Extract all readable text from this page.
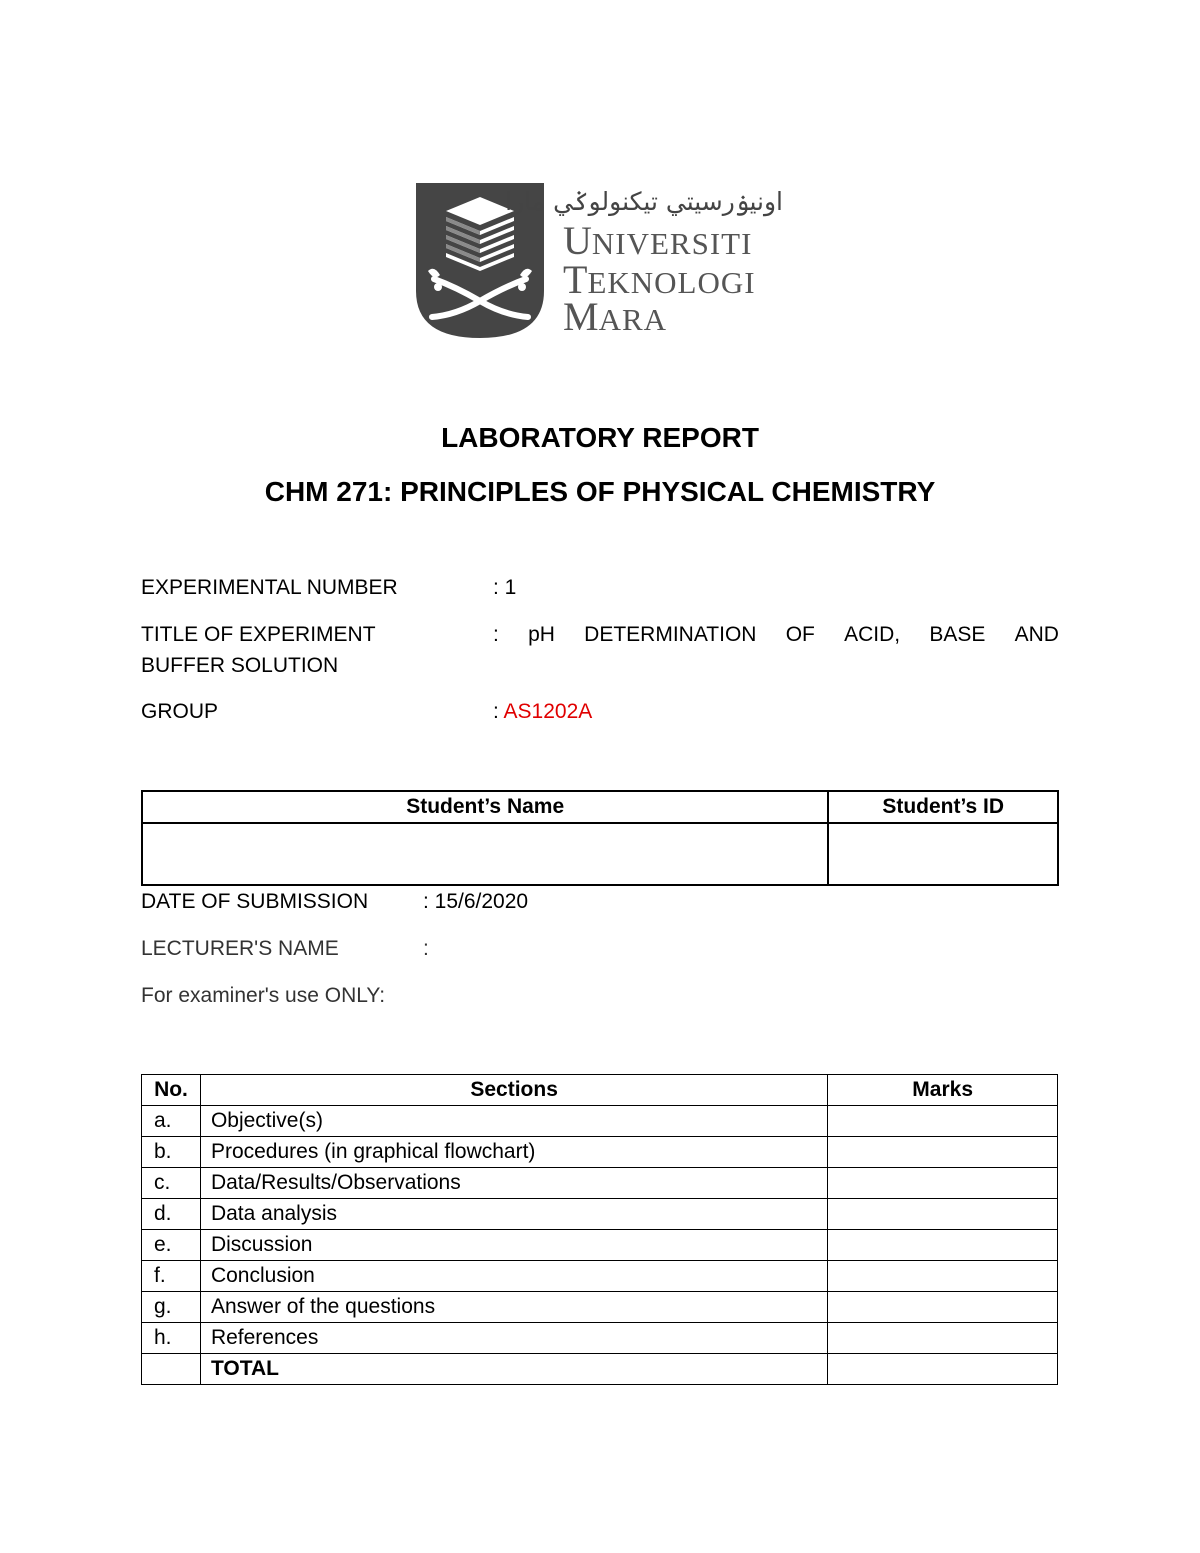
اونيۏرسيتي تيكنولوݢي مارا
UNIVERSITI
TEKNOLOGI
MARA
LABORATORY REPORT
CHM 271: PRINCIPLES OF PHYSICAL CHEMISTRY
EXPERIMENTAL NUMBER	: 1
TITLE OF EXPERIMENT	: pH DETERMINATION OF ACID, BASE AND
BUFFER SOLUTION
GROUP	: AS1202A
Student’s Name	Student’s ID

DATE OF SUBMISSION	: 15/6/2020
LECTURER'S NAME	:
For examiner's use ONLY:
No.	Sections	Marks
a.	Objective(s)	
b.	Procedures (in graphical flowchart)	
c.	Data/Results/Observations	
d.	Data analysis	
e.	Discussion	
f.	Conclusion	
g.	Answer of the questions	
h.	References	
	TOTAL	
